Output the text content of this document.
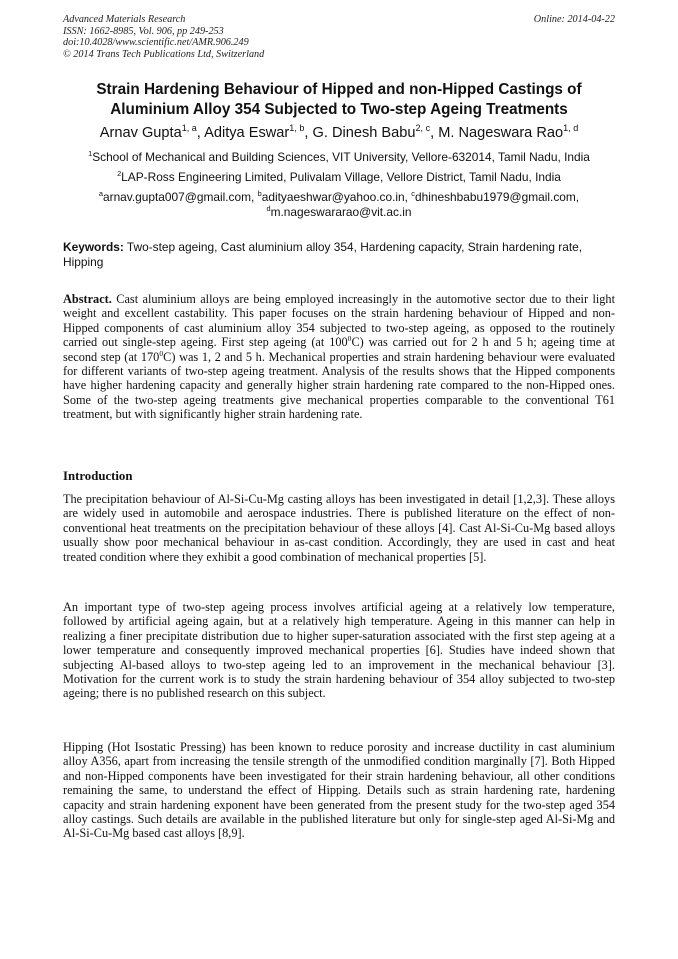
Advanced Materials Research
ISSN: 1662-8985, Vol. 906, pp 249-253
doi:10.4028/www.scientific.net/AMR.906.249
© 2014 Trans Tech Publications Ltd, Switzerland
Online: 2014-04-22
Strain Hardening Behaviour of Hipped and non-Hipped Castings of
Aluminium Alloy 354 Subjected to Two-step Ageing Treatments
Arnav Gupta$^{1, a}$, Aditya Eswar$^{1, b}$, G. Dinesh Babu$^{2, c}$, M. Nageswara Rao$^{1, d}$
$^1$School of Mechanical and Building Sciences, VIT University, Vellore-632014, Tamil Nadu, India
$^2$LAP-Ross Engineering Limited, Pulivalam Village, Vellore District, Tamil Nadu, India
$^a$arnav.gupta007@gmail.com, $^b$adityaeshwar@yahoo.co.in, $^c$dhineshbabu1979@gmail.com,
$^d$m.nageswararao@vit.ac.in
Keywords: Two-step ageing, Cast aluminium alloy 354, Hardening capacity, Strain hardening rate, Hipping

Abstract. Cast aluminium alloys are being employed increasingly in the automotive sector due to their light weight and excellent castability. This paper focuses on the strain hardening behaviour of Hipped and non-Hipped components of cast aluminium alloy 354 subjected to two-step ageing, as opposed to the routinely carried out single-step ageing. First step ageing (at $100^0C$) was carried out for 2 h and 5 h; ageing time at second step (at $170^0C$) was 1, 2 and 5 h. Mechanical properties and strain hardening behaviour were evaluated for different variants of two-step ageing treatment. Analysis of the results shows that the Hipped components have higher hardening capacity and generally higher strain hardening rate compared to the non-Hipped ones. Some of the two-step ageing treatments give mechanical properties comparable to the conventional T61 treatment, but with significantly higher strain hardening rate.

Introduction

The precipitation behaviour of Al-Si-Cu-Mg casting alloys has been investigated in detail [1,2,3]. These alloys are widely used in automobile and aerospace industries. There is published literature on the effect of non-conventional heat treatments on the precipitation behaviour of these alloys [4]. Cast Al-Si-Cu-Mg based alloys usually show poor mechanical behaviour in as-cast condition. Accordingly, they are used in cast and heat treated condition where they exhibit a good combination of mechanical properties [5].

An important type of two-step ageing process involves artificial ageing at a relatively low temperature, followed by artificial ageing again, but at a relatively high temperature. Ageing in this manner can help in realizing a finer precipitate distribution due to higher super-saturation associated with the first step ageing at a lower temperature and consequently improved mechanical properties [6]. Studies have indeed shown that subjecting Al-based alloys to two-step ageing led to an improvement in the mechanical behaviour [3]. Motivation for the current work is to study the strain hardening behaviour of 354 alloy subjected to two-step ageing; there is no published research on this subject.

Hipping (Hot Isostatic Pressing) has been known to reduce porosity and increase ductility in cast aluminium alloy A356, apart from increasing the tensile strength of the unmodified condition marginally [7]. Both Hipped and non-Hipped components have been investigated for their strain hardening behaviour, all other conditions remaining the same, to understand the effect of Hipping. Details such as strain hardening rate, hardening capacity and strain hardening exponent have been generated from the present study for the two-step aged 354 alloy castings. Such details are available in the published literature but only for single-step aged Al-Si-Mg and Al-Si-Cu-Mg based cast alloys [8,9].
